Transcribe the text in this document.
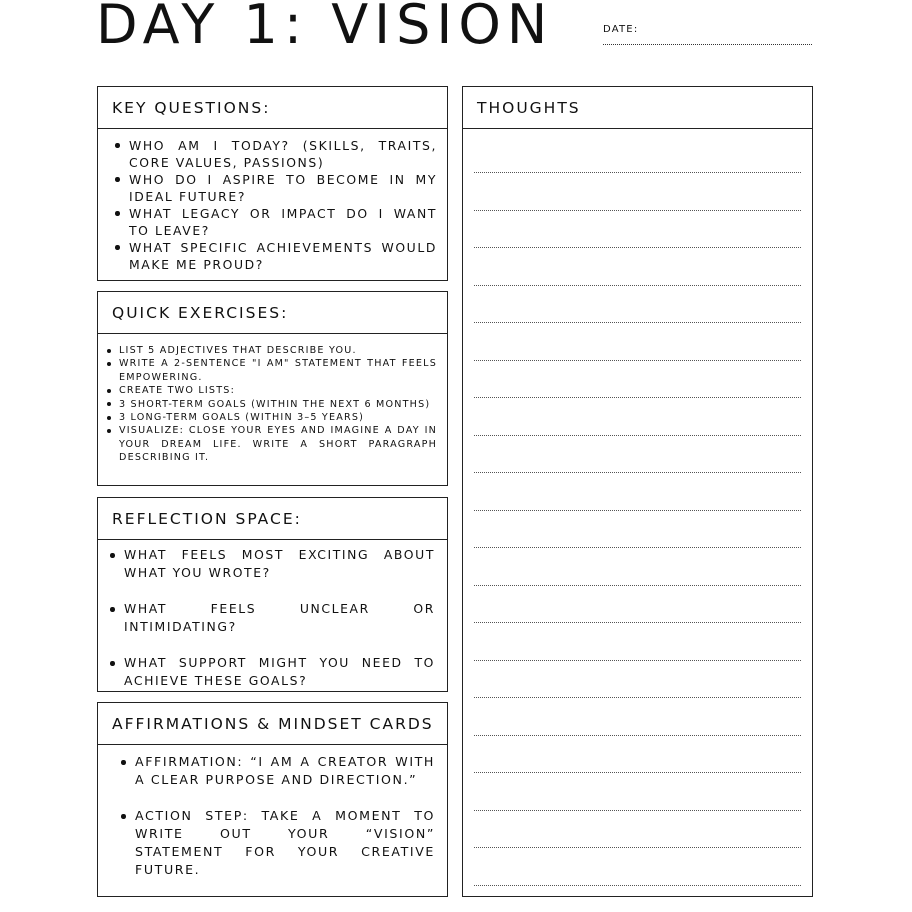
DAY 1: VISION	DATE:
KEY QUESTIONS:
WHO AM I TODAY? (SKILLS, TRAITS, CORE VALUES, PASSIONS)
WHO DO I ASPIRE TO BECOME IN MY IDEAL FUTURE?
WHAT LEGACY OR IMPACT DO I WANT TO LEAVE?
WHAT SPECIFIC ACHIEVEMENTS WOULD MAKE ME PROUD?
QUICK EXERCISES:
LIST 5 ADJECTIVES THAT DESCRIBE YOU.
WRITE A 2-SENTENCE "I AM" STATEMENT THAT FEELS EMPOWERING.
CREATE TWO LISTS:
3 SHORT-TERM GOALS (WITHIN THE NEXT 6 MONTHS)
3 LONG-TERM GOALS (WITHIN 3–5 YEARS)
VISUALIZE: CLOSE YOUR EYES AND IMAGINE A DAY IN YOUR DREAM LIFE. WRITE A SHORT PARAGRAPH DESCRIBING IT.
REFLECTION SPACE:
WHAT FEELS MOST EXCITING ABOUT WHAT YOU WROTE?
WHAT FEELS UNCLEAR OR INTIMIDATING?
WHAT SUPPORT MIGHT YOU NEED TO ACHIEVE THESE GOALS?
AFFIRMATIONS & MINDSET CARDS
AFFIRMATION: “I AM A CREATOR WITH A CLEAR PURPOSE AND DIRECTION.”
ACTION STEP: TAKE A MOMENT TO WRITE OUT YOUR “VISION” STATEMENT FOR YOUR CREATIVE FUTURE.
THOUGHTS
